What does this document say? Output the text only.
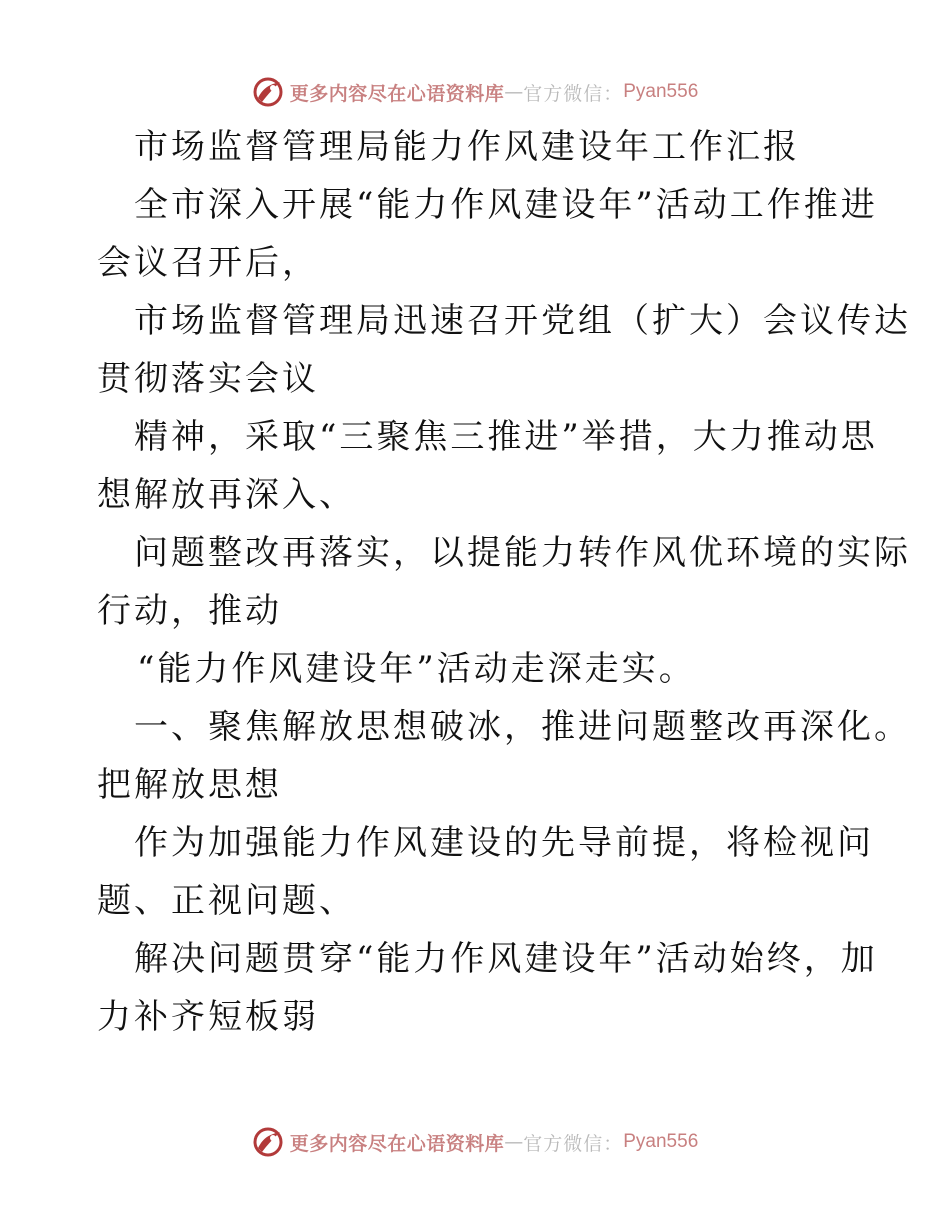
更多内容尽在心语资料库 — 官方微信： Pyan556
市场监督管理局能力作风建设年工作汇报
全市深入开展“能力作风建设年”活动工作推进
会议召开后，
市场监督管理局迅速召开党组（扩大）会议传达
贯彻落实会议
精神，采取“三聚焦三推进”举措，大力推动思
想解放再深入、
问题整改再落实，以提能力转作风优环境的实际
行动，推动
“能力作风建设年”活动走深走实。
一、聚焦解放思想破冰，推进问题整改再深化。
把解放思想
作为加强能力作风建设的先导前提，将检视问
题、正视问题、
解决问题贯穿“能力作风建设年”活动始终，加
力补齐短板弱
更多内容尽在心语资料库 — 官方微信： Pyan556
